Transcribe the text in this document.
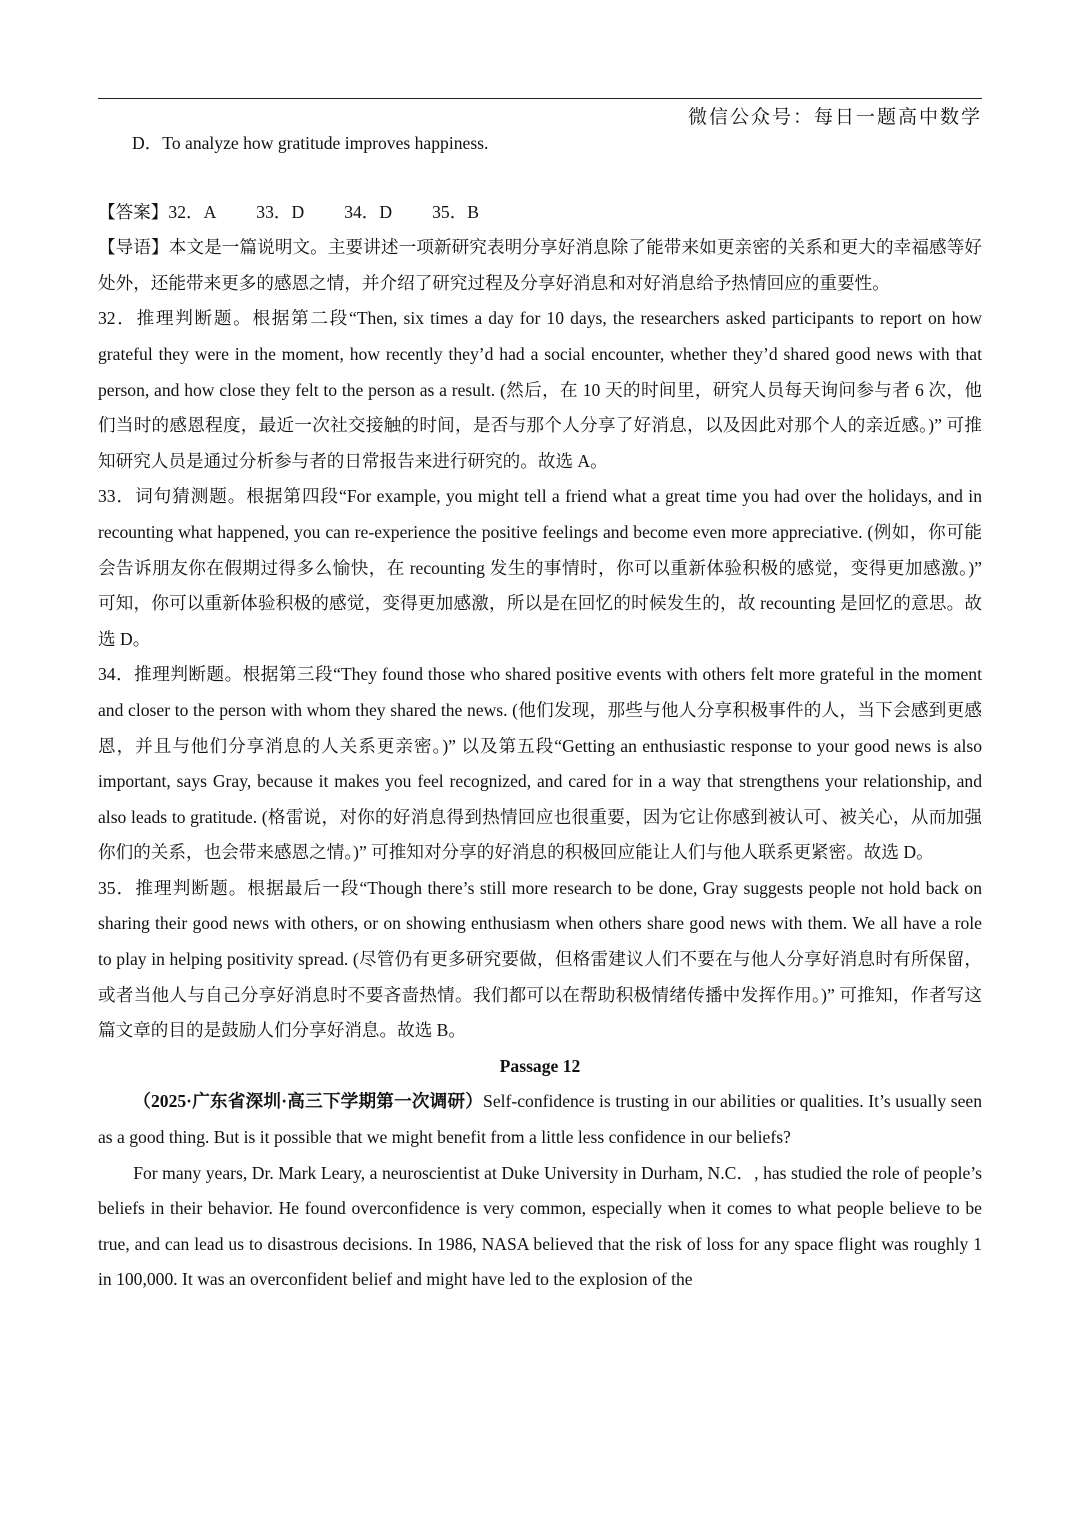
微信公众号：每日一题高中数学

D．To analyze how gratitude improves happiness.

【答案】32．A 33．D 34．D 35．B

【导语】本文是一篇说明文。主要讲述一项新研究表明分享好消息除了能带来如更亲密的关系和更大的幸福感等好处外，还能带来更多的感恩之情，并介绍了研究过程及分享好消息和对好消息给予热情回应的重要性。

32．推理判断题。根据第二段“Then, six times a day for 10 days, the researchers asked participants to report on how grateful they were in the moment, how recently they’d had a social encounter, whether they’d shared good news with that person, and how close they felt to the person as a result. (然后，在 10 天的时间里，研究人员每天询问参与者 6 次，他们当时的感恩程度，最近一次社交接触的时间，是否与那个人分享了好消息，以及因此对那个人的亲近感。)” 可推知研究人员是通过分析参与者的日常报告来进行研究的。故选 A。

33．词句猜测题。根据第四段“For example, you might tell a friend what a great time you had over the holidays, and in recounting what happened, you can re-experience the positive feelings and become even more appreciative. (例如，你可能会告诉朋友你在假期过得多么愉快，在 recounting 发生的事情时，你可以重新体验积极的感觉，变得更加感激。)” 可知，你可以重新体验积极的感觉，变得更加感激，所以是在回忆的时候发生的，故 recounting 是回忆的意思。故选 D。

34．推理判断题。根据第三段“They found those who shared positive events with others felt more grateful in the moment and closer to the person with whom they shared the news. (他们发现，那些与他人分享积极事件的人，当下会感到更感恩，并且与他们分享消息的人关系更亲密。)” 以及第五段“Getting an enthusiastic response to your good news is also important, says Gray, because it makes you feel recognized, and cared for in a way that strengthens your relationship, and also leads to gratitude. (格雷说，对你的好消息得到热情回应也很重要，因为它让你感到被认可、被关心，从而加强你们的关系，也会带来感恩之情。)” 可推知对分享的好消息的积极回应能让人们与他人联系更紧密。故选 D。

35．推理判断题。根据最后一段“Though there’s still more research to be done, Gray suggests people not hold back on sharing their good news with others, or on showing enthusiasm when others share good news with them. We all have a role to play in helping positivity spread. (尽管仍有更多研究要做，但格雷建议人们不要在与他人分享好消息时有所保留，或者当他人与自己分享好消息时不要吝啬热情。我们都可以在帮助积极情绪传播中发挥作用。)” 可推知，作者写这篇文章的目的是鼓励人们分享好消息。故选 B。

Passage 12

（2025·广东省深圳·高三下学期第一次调研）Self-confidence is trusting in our abilities or qualities. It’s usually seen as a good thing. But is it possible that we might benefit from a little less confidence in our beliefs?

For many years, Dr. Mark Leary, a neuroscientist at Duke University in Durham, N.C．, has studied the role of people’s beliefs in their behavior. He found overconfidence is very common, especially when it comes to what people believe to be true, and can lead us to disastrous decisions. In 1986, NASA believed that the risk of loss for any space flight was roughly 1 in 100,000. It was an overconfident belief and might have led to the explosion of the
